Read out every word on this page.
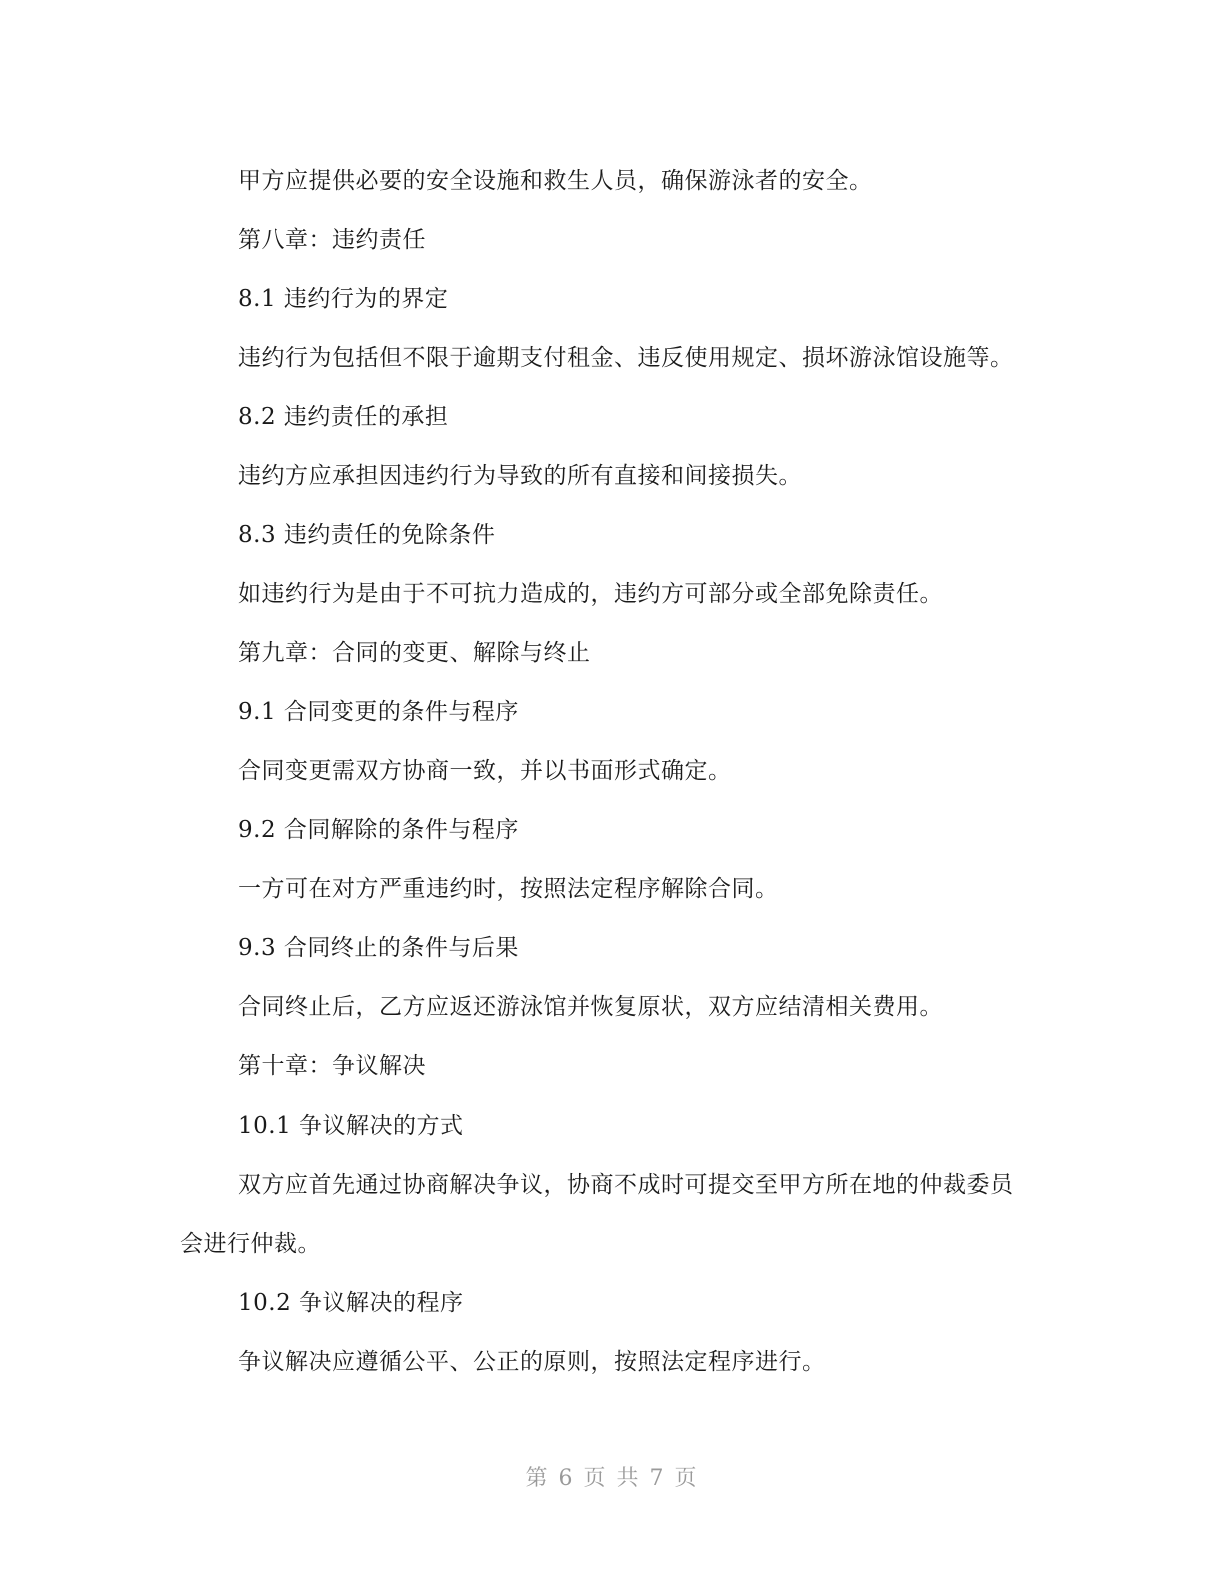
甲方应提供必要的安全设施和救生人员，确保游泳者的安全。
第八章：违约责任
8.1 违约行为的界定
违约行为包括但不限于逾期支付租金、违反使用规定、损坏游泳馆设施等。
8.2 违约责任的承担
违约方应承担因违约行为导致的所有直接和间接损失。
8.3 违约责任的免除条件
如违约行为是由于不可抗力造成的，违约方可部分或全部免除责任。
第九章：合同的变更、解除与终止
9.1 合同变更的条件与程序
合同变更需双方协商一致，并以书面形式确定。
9.2 合同解除的条件与程序
一方可在对方严重违约时，按照法定程序解除合同。
9.3 合同终止的条件与后果
合同终止后，乙方应返还游泳馆并恢复原状，双方应结清相关费用。
第十章：争议解决
10.1 争议解决的方式
双方应首先通过协商解决争议，协商不成时可提交至甲方所在地的仲裁委员
会进行仲裁。
10.2 争议解决的程序
争议解决应遵循公平、公正的原则，按照法定程序进行。
第 6 页 共 7 页
